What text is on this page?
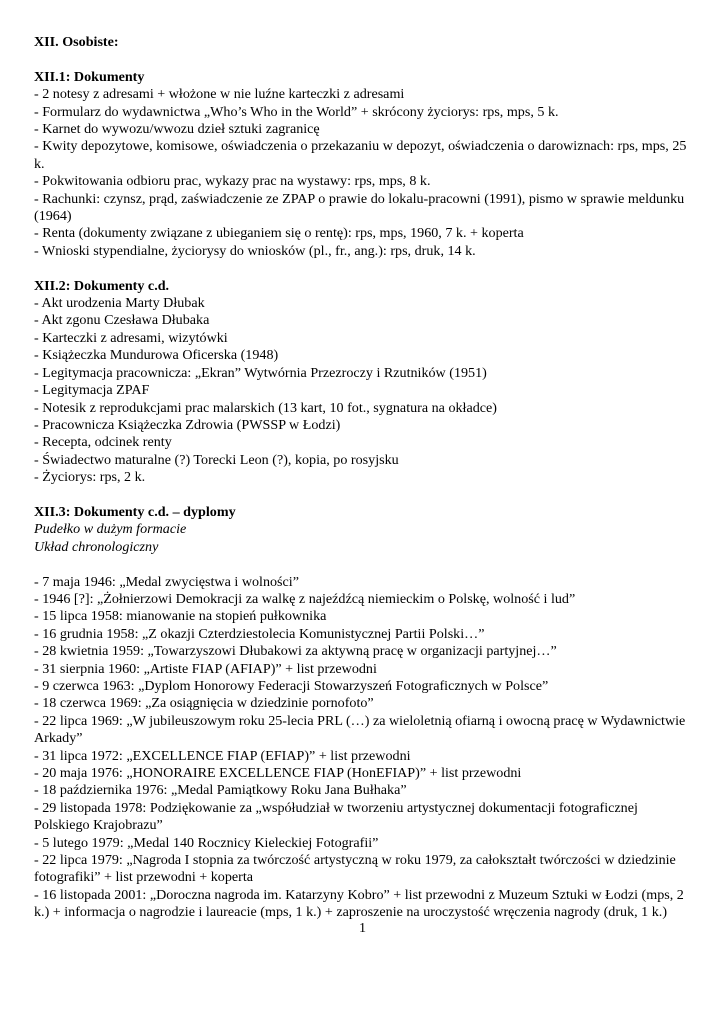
XII. Osobiste:
XII.1: Dokumenty
- 2 notesy z adresami + włożone w nie luźne karteczki z adresami
- Formularz do wydawnictwa „Who’s Who in the World” + skrócony życiorys: rps, mps, 5 k.
- Karnet do wywozu/wwozu dzieł sztuki zagranicę
- Kwity depozytowe, komisowe, oświadczenia o przekazaniu w depozyt, oświadczenia o darowiznach: rps, mps, 25 k.
- Pokwitowania odbioru prac, wykazy prac na wystawy: rps, mps, 8 k.
- Rachunki: czynsz, prąd, zaświadczenie ze ZPAP o prawie do lokalu-pracowni (1991), pismo w sprawie meldunku (1964)
- Renta (dokumenty związane z ubieganiem się o rentę): rps, mps, 1960, 7 k. + koperta
- Wnioski stypendialne, życiorysy do wniosków (pl., fr., ang.): rps, druk, 14 k.
XII.2: Dokumenty c.d.
- Akt urodzenia Marty Dłubak
- Akt zgonu Czesława Dłubaka
- Karteczki z adresami, wizytówki
- Książeczka Mundurowa Oficerska (1948)
- Legitymacja pracownicza: „Ekran” Wytwórnia Przezroczy i Rzutników (1951)
- Legitymacja ZPAF
- Notesik z reprodukcjami prac malarskich (13 kart, 10 fot., sygnatura na okładce)
- Pracownicza Książeczka Zdrowia (PWSSP w Łodzi)
- Recepta, odcinek renty
- Świadectwo maturalne (?) Torecki Leon (?), kopia, po rosyjsku
- Życiorys: rps, 2 k.
XII.3: Dokumenty c.d. – dyplomy
Pudełko w dużym formacie
Układ chronologiczny
- 7 maja 1946: „Medal zwycięstwa i wolności”
- 1946 [?]: „Żołnierzowi Demokracji za walkę z najeźdźcą niemieckim o Polskę, wolność i lud”
- 15 lipca 1958: mianowanie na stopień pułkownika
- 16 grudnia 1958: „Z okazji Czterdziestolecia Komunistycznej Partii Polski…”
- 28 kwietnia 1959: „Towarzyszowi Dłubakowi za aktywną pracę w organizacji partyjnej…”
- 31 sierpnia 1960: „Artiste FIAP (AFIAP)” + list przewodni
- 9 czerwca 1963: „Dyplom Honorowy Federacji Stowarzyszeń Fotograficznych w Polsce”
- 18 czerwca 1969: „Za osiągnięcia w dziedzinie pornofoto”
- 22 lipca 1969: „W jubileuszowym roku 25-lecia PRL (…) za wieloletnią ofiarną i owocną pracę w Wydawnictwie Arkady”
- 31 lipca 1972: „EXCELLENCE FIAP (EFIAP)” + list przewodni
- 20 maja 1976: „HONORAIRE EXCELLENCE FIAP (HonEFIAP)” + list przewodni
- 18 października 1976: „Medal Pamiątkowy Roku Jana Bułhaka”
- 29 listopada 1978: Podziękowanie za „współudział w tworzeniu artystycznej dokumentacji fotograficznej Polskiego Krajobrazu”
- 5 lutego 1979: „Medal 140 Rocznicy Kieleckiej Fotografii”
- 22 lipca 1979: „Nagroda I stopnia za twórczość artystyczną w roku 1979, za całokształt twórczości w dziedzinie fotografiki” + list przewodni + koperta
- 16 listopada 2001: „Doroczna nagroda im. Katarzyny Kobro” + list przewodni z Muzeum Sztuki w Łodzi (mps, 2 k.) + informacja o nagrodzie i laureacie (mps, 1 k.) + zaproszenie na uroczystość wręczenia nagrody (druk, 1 k.)
1
